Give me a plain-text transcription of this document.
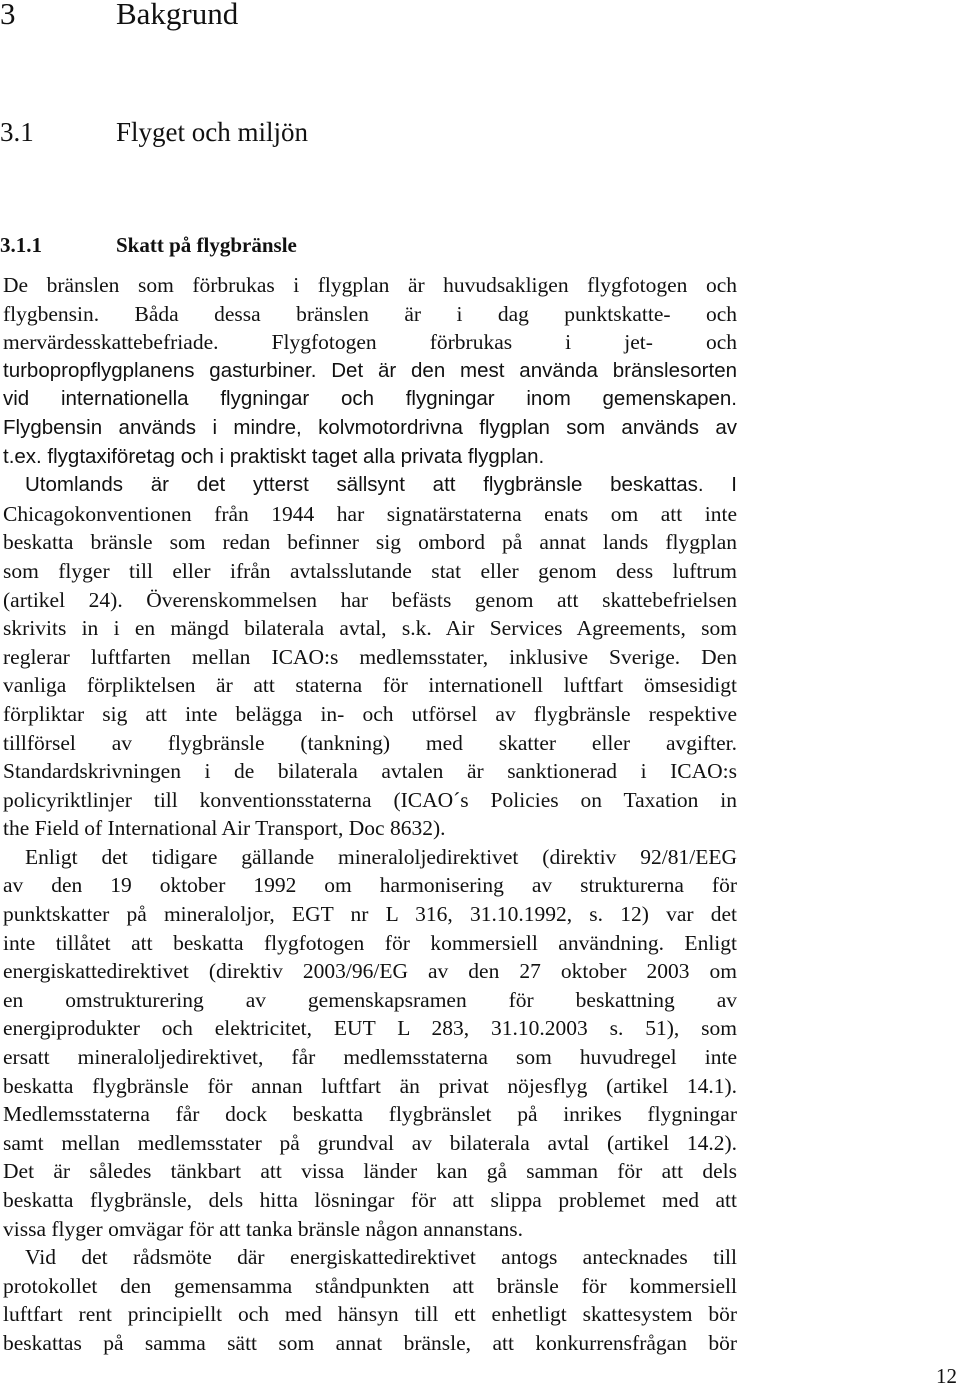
3	Bakgrund
3.1	Flyget och miljön
3.1.1	Skatt på flygbränsle
De bränslen som förbrukas i flygplan är huvudsakligen flygfotogen och
flygbensin. Båda dessa bränslen är i dag punktskatte- och
mervärdesskattebefriade. Flygfotogen förbrukas i jet- och
turbopropflygplanens gasturbiner. Det är den mest använda bränslesorten
vid internationella flygningar och flygningar inom gemenskapen.
Flygbensin används i mindre, kolvmotordrivna flygplan som används av
t.ex. flygtaxiföretag och i praktiskt taget alla privata flygplan.
Utomlands är det ytterst sällsynt att flygbränsle beskattas. I
Chicagokonventionen från 1944 har signatärstaterna enats om att inte
beskatta bränsle som redan befinner sig ombord på annat lands flygplan
som flyger till eller ifrån avtalsslutande stat eller genom dess luftrum
(artikel 24). Överenskommelsen har befästs genom att skattebefrielsen
skrivits in i en mängd bilaterala avtal, s.k. Air Services Agreements, som
reglerar luftfarten mellan ICAO:s medlemsstater, inklusive Sverige. Den
vanliga förpliktelsen är att staterna för internationell luftfart ömsesidigt
förpliktar sig att inte belägga in- och utförsel av flygbränsle respektive
tillförsel av flygbränsle (tankning) med skatter eller avgifter.
Standardskrivningen i de bilaterala avtalen är sanktionerad i ICAO:s
policyriktlinjer till konventionsstaterna (ICAO´s Policies on Taxation in
the Field of International Air Transport, Doc 8632).
Enligt det tidigare gällande mineraloljedirektivet (direktiv 92/81/EEG
av den 19 oktober 1992 om harmonisering av strukturerna för
punktskatter på mineraloljor, EGT nr L 316, 31.10.1992, s. 12) var det
inte tillåtet att beskatta flygfotogen för kommersiell användning. Enligt
energiskattedirektivet (direktiv 2003/96/EG av den 27 oktober 2003 om
en omstrukturering av gemenskapsramen för beskattning av
energiprodukter och elektricitet, EUT L 283, 31.10.2003 s. 51), som
ersatt mineraloljedirektivet, får medlemsstaterna som huvudregel inte
beskatta flygbränsle för annan luftfart än privat nöjesflyg (artikel 14.1).
Medlemsstaterna får dock beskatta flygbränslet på inrikes flygningar
samt mellan medlemsstater på grundval av bilaterala avtal (artikel 14.2).
Det är således tänkbart att vissa länder kan gå samman för att dels
beskatta flygbränsle, dels hitta lösningar för att slippa problemet med att
vissa flyger omvägar för att tanka bränsle någon annanstans.
Vid det rådsmöte där energiskattedirektivet antogs antecknades till
protokollet den gemensamma ståndpunkten att bränsle för kommersiell
luftfart rent principiellt och med hänsyn till ett enhetligt skattesystem bör
beskattas på samma sätt som annat bränsle, att konkurrensfrågan bör
12
